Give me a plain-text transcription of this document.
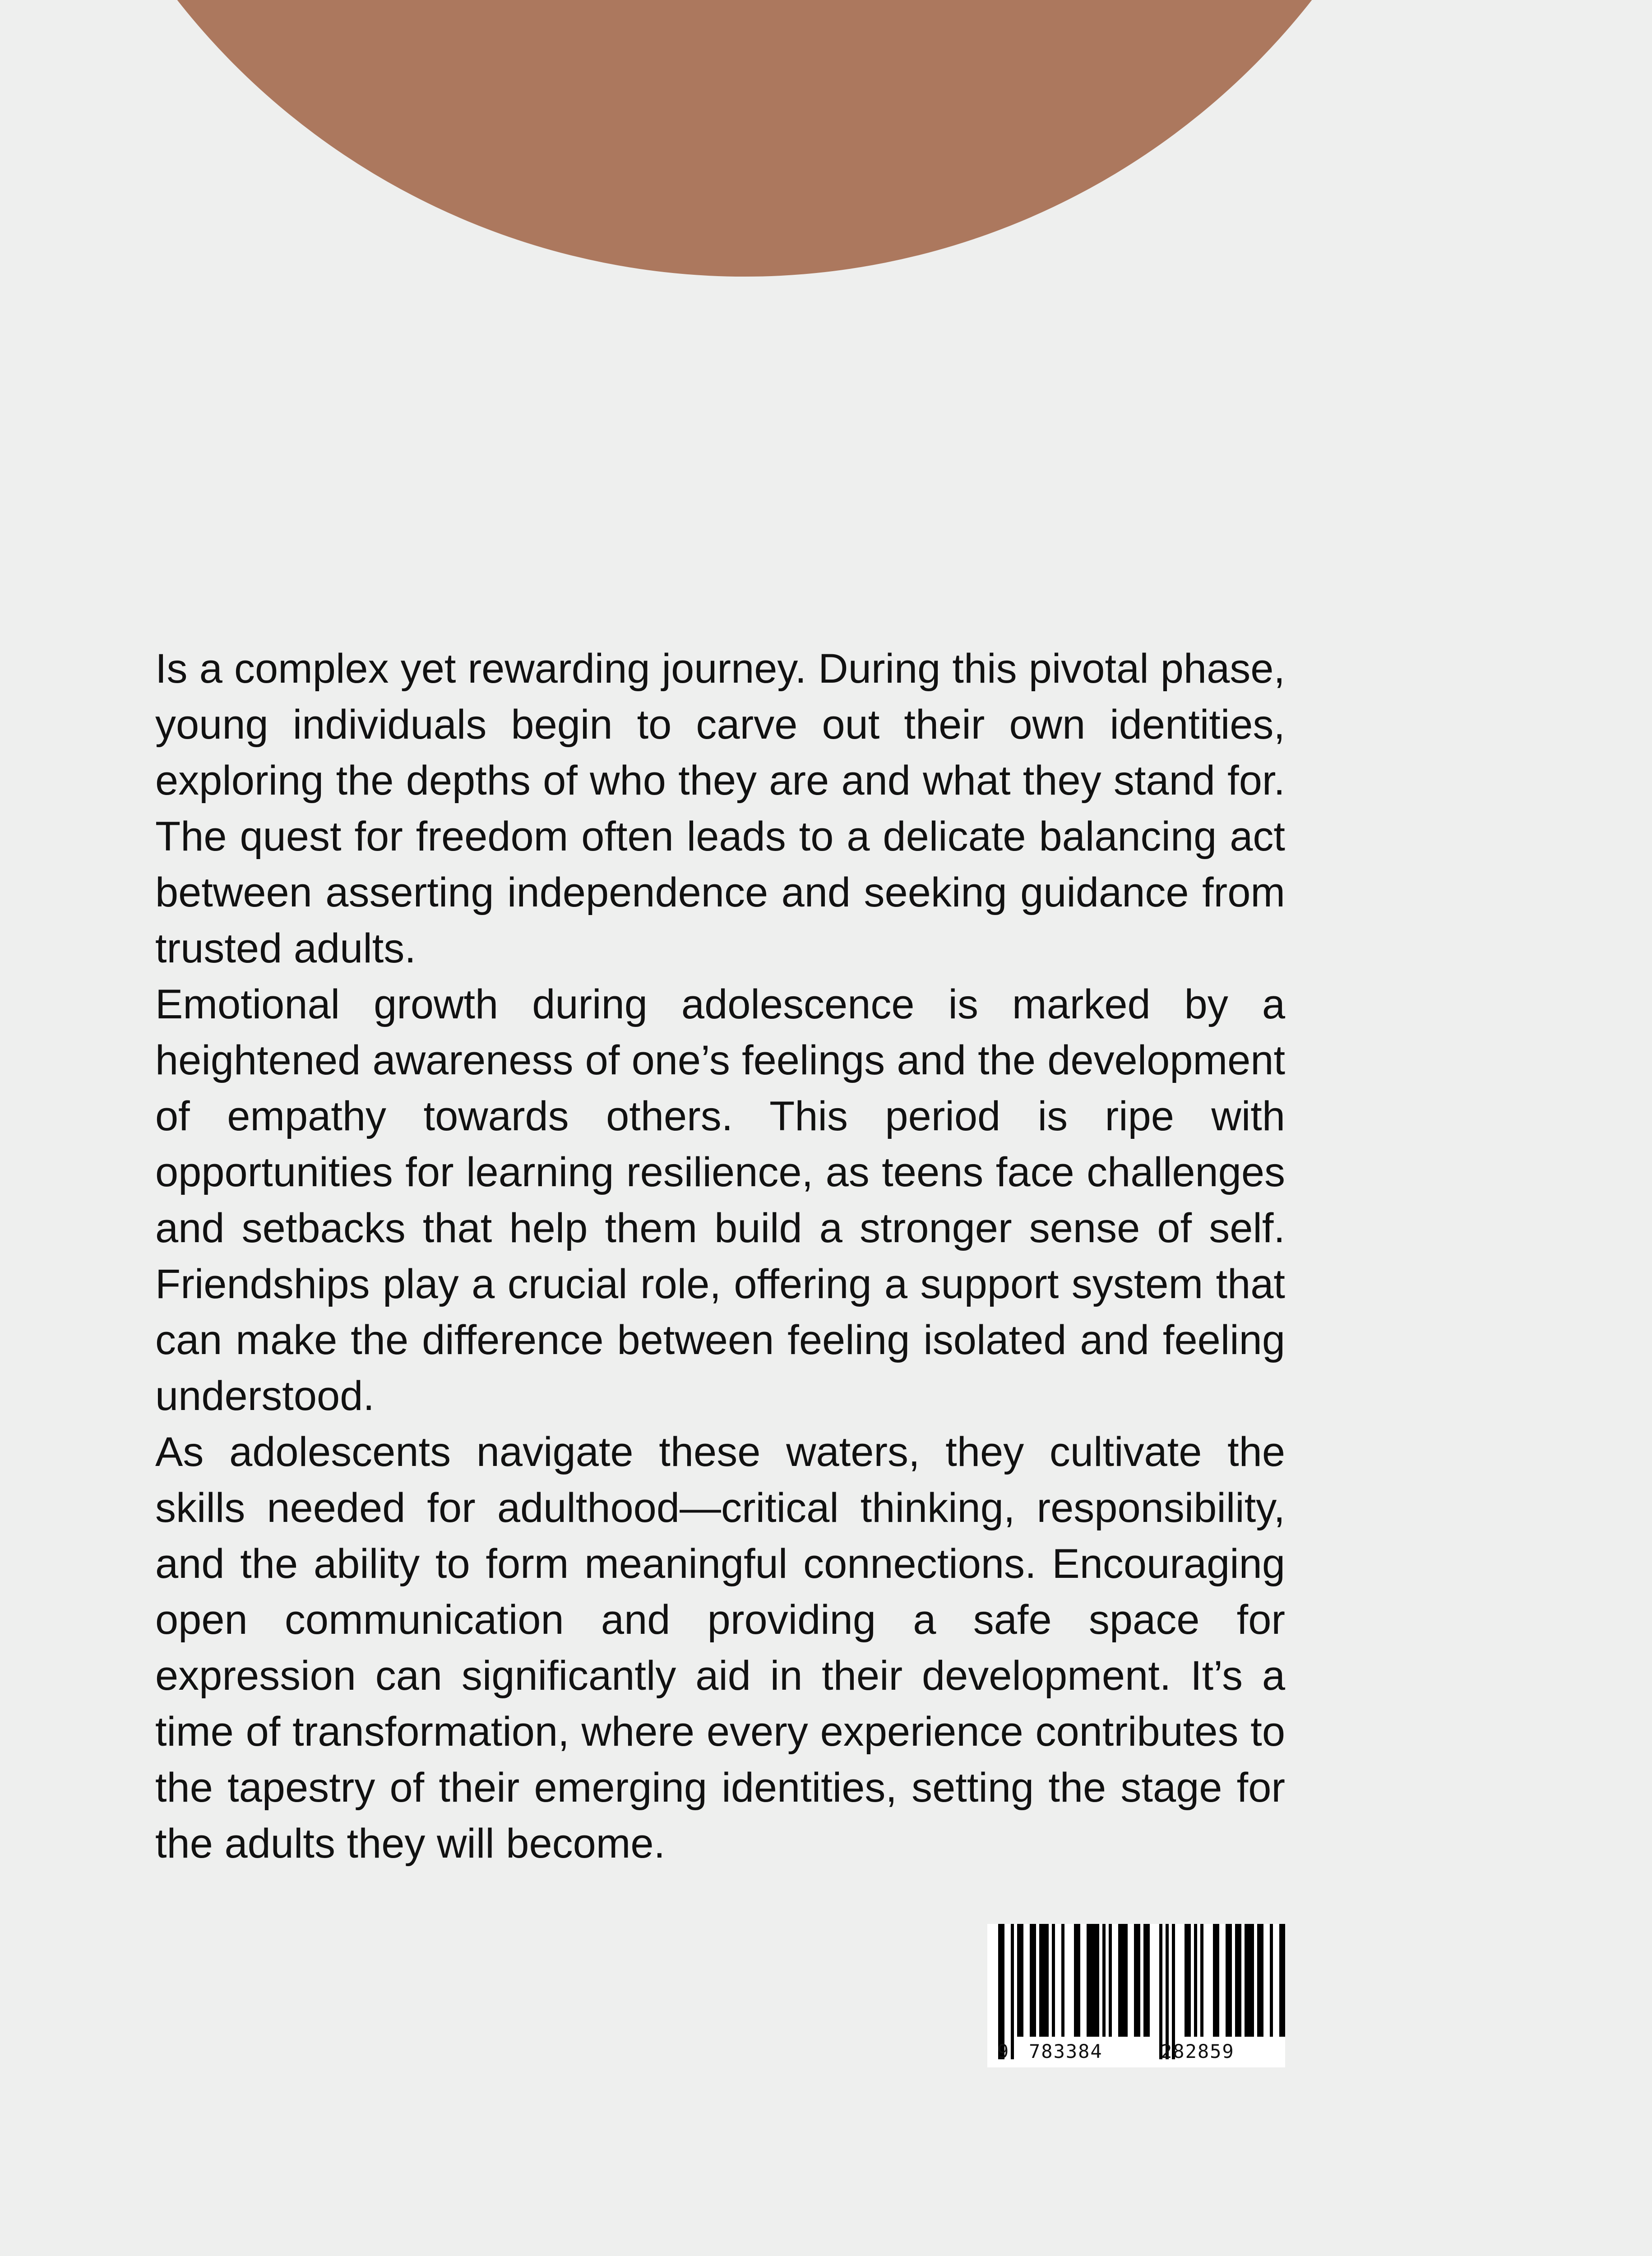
Is a complex yet rewarding journey. During this pivotal phase, young individuals begin to carve out their own identities, exploring the depths of who they are and what they stand for. The quest for freedom often leads to a delicate balancing act between asserting independence and seeking guidance from trusted adults.

Emotional growth during adolescence is marked by a heightened awareness of one’s feelings and the development of empathy towards others. This period is ripe with opportunities for learning resilience, as teens face challenges and setbacks that help them build a stronger sense of self. Friendships play a crucial role, offering a support system that can make the difference between feeling isolated and feeling understood.

As adolescents navigate these waters, they cultivate the skills needed for adulthood—critical thinking, responsibility, and the ability to form meaningful connections. Encouraging open communication and providing a safe space for expression can significantly aid in their development. It’s a time of transformation, where every experience contributes to the tapestry of their emerging identities, setting the stage for the adults they will become.

9 783384	282859
